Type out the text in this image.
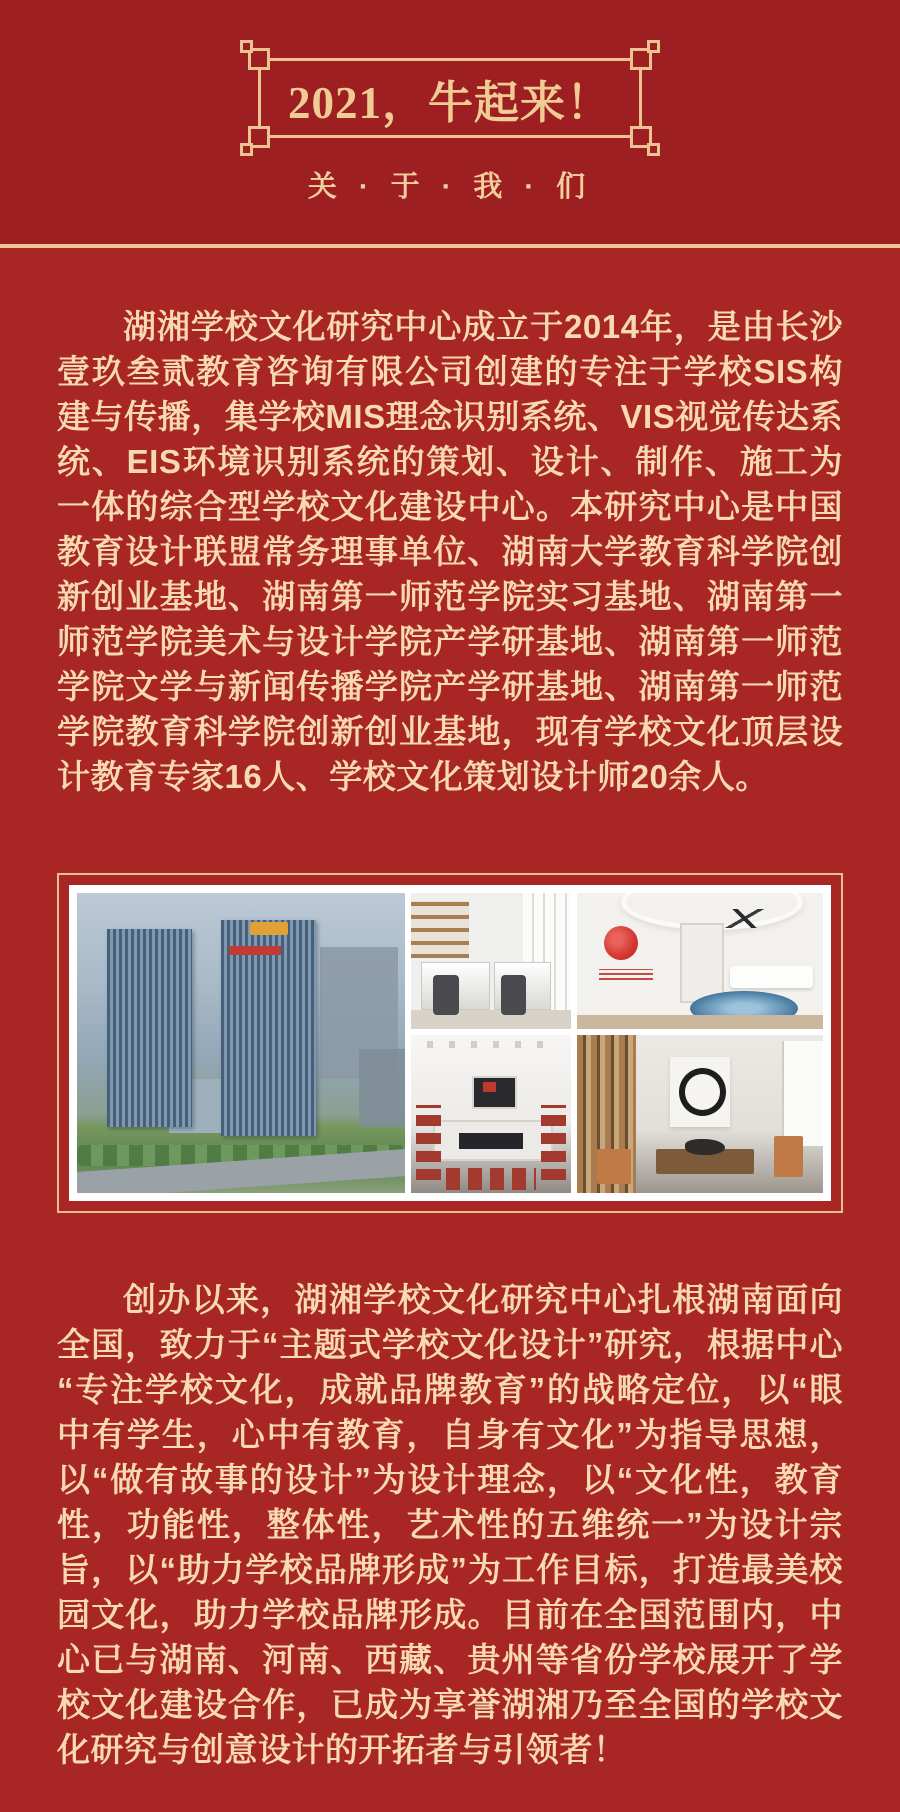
2021，牛起来！
关 · 于 · 我 · 们

湖湘学校文化研究中心成立于2014年，是由长沙壹玖叁贰教育咨询有限公司创建的专注于学校SIS构建与传播，集学校MIS理念识别系统、VIS视觉传达系统、EIS环境识别系统的策划、设计、制作、施工为一体的综合型学校文化建设中心。本研究中心是中国教育设计联盟常务理事单位、湖南大学教育科学院创新创业基地、湖南第一师范学院实习基地、湖南第一师范学院美术与设计学院产学研基地、湖南第一师范学院文学与新闻传播学院产学研基地、湖南第一师范学院教育科学院创新创业基地，现有学校文化顶层设计教育专家16人、学校文化策划设计师20余人。

创办以来，湖湘学校文化研究中心扎根湖南面向全国，致力于“主题式学校文化设计”研究，根据中心“专注学校文化，成就品牌教育”的战略定位，以“眼中有学生，心中有教育，自身有文化”为指导思想，以“做有故事的设计”为设计理念，以“文化性，教育性，功能性，整体性，艺术性的五维统一”为设计宗旨，以“助力学校品牌形成”为工作目标，打造最美校园文化，助力学校品牌形成。目前在全国范围内，中心已与湖南、河南、西藏、贵州等省份学校展开了学校文化建设合作，已成为享誉湖湘乃至全国的学校文化研究与创意设计的开拓者与引领者！
